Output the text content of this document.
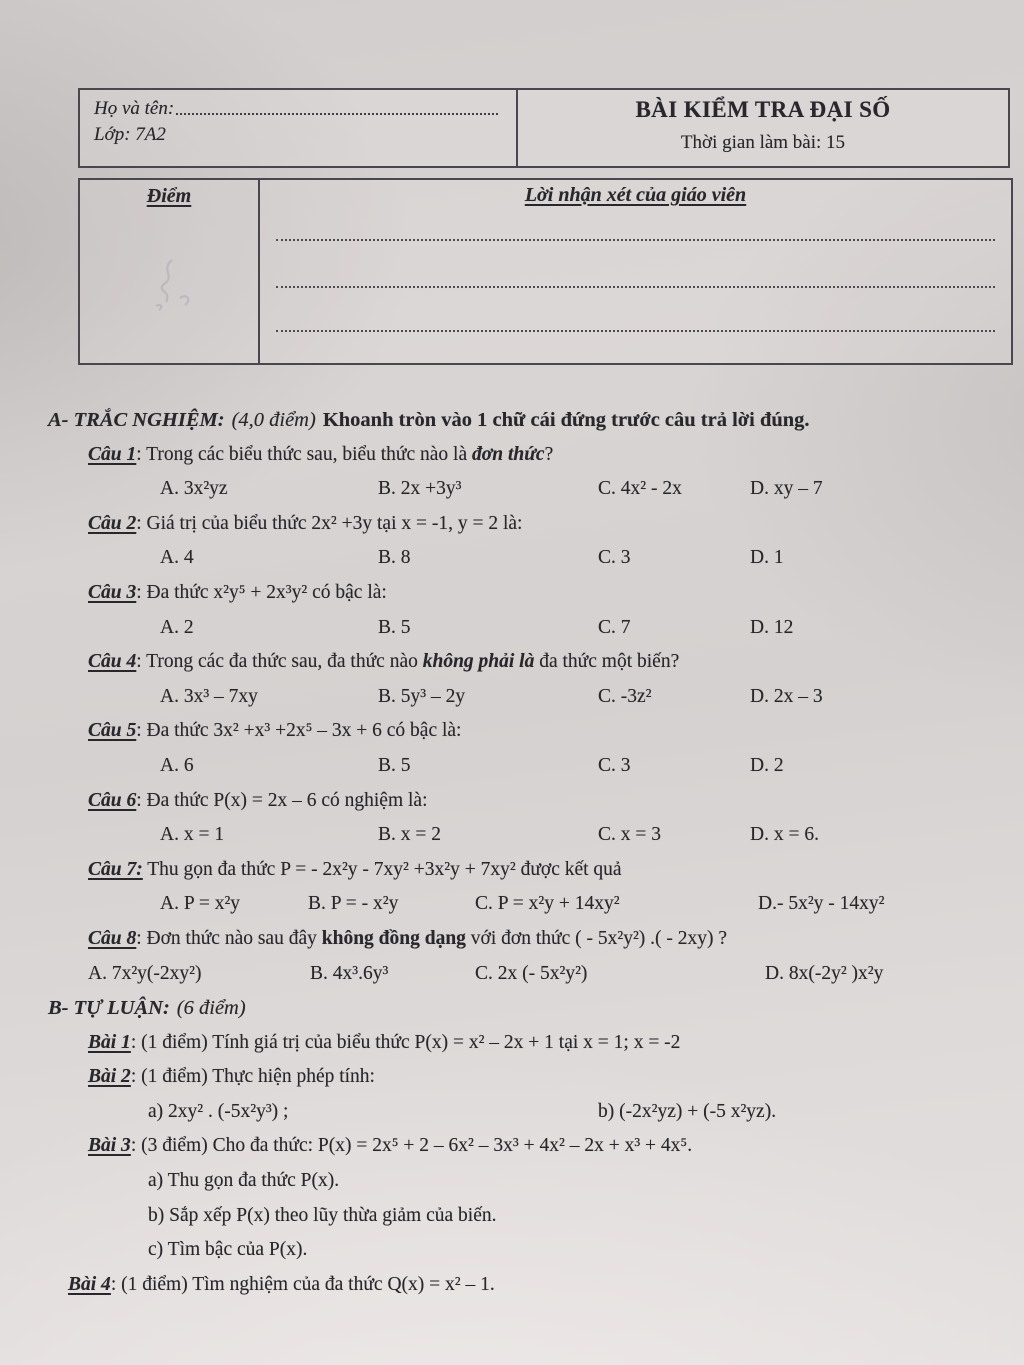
Họ và tên:
Lớp: 7A2
BÀI KIỂM TRA ĐẠI SỐ
Thời gian làm bài: 15
Điểm	Lời nhận xét của giáo viên
A- TRẮC NGHIỆM: (4,0 điểm) Khoanh tròn vào 1 chữ cái đứng trước câu trả lời đúng.
Câu 1: Trong các biểu thức sau, biểu thức nào là đơn thức?
A. 3x²yz	B. 2x +3y³	C. 4x² - 2x	D. xy – 7
Câu 2: Giá trị của biểu thức 2x² +3y tại x = -1, y = 2 là:
A. 4	B. 8	C. 3	D. 1
Câu 3: Đa thức x²y⁵ + 2x³y² có bậc là:
A. 2	B. 5	C. 7	D. 12
Câu 4: Trong các đa thức sau, đa thức nào không phải là đa thức một biến?
A. 3x³ – 7xy	B. 5y³ – 2y	C. -3z²	D. 2x – 3
Câu 5: Đa thức 3x² +x³ +2x⁵ – 3x + 6 có bậc là:
A. 6	B. 5	C. 3	D. 2
Câu 6: Đa thức P(x) = 2x – 6 có nghiệm là:
A. x = 1	B. x = 2	C. x = 3	D. x = 6.
Câu 7: Thu gọn đa thức P = - 2x²y - 7xy² +3x²y + 7xy² được kết quả
A. P = x²y	B. P = - x²y	C. P = x²y + 14xy²	D.- 5x²y - 14xy²
Câu 8: Đơn thức nào sau đây không đồng dạng với đơn thức ( - 5x²y²) .( - 2xy) ?
A. 7x²y(-2xy²)	B. 4x³.6y³	C. 2x (- 5x²y²)	D. 8x(-2y² )x²y
B- TỰ LUẬN: (6 điểm)
Bài 1: (1 điểm) Tính giá trị của biểu thức P(x) = x² – 2x + 1 tại x = 1; x = -2
Bài 2: (1 điểm) Thực hiện phép tính:
a) 2xy² . (-5x²y³) ;	b) (-2x²yz) + (-5 x²yz).
Bài 3: (3 điểm) Cho đa thức: P(x) = 2x⁵ + 2 – 6x² – 3x³ + 4x² – 2x + x³ + 4x⁵.
a) Thu gọn đa thức P(x).
b) Sắp xếp P(x) theo lũy thừa giảm của biến.
c) Tìm bậc của P(x).
Bài 4: (1 điểm) Tìm nghiệm của đa thức Q(x) = x² – 1.
